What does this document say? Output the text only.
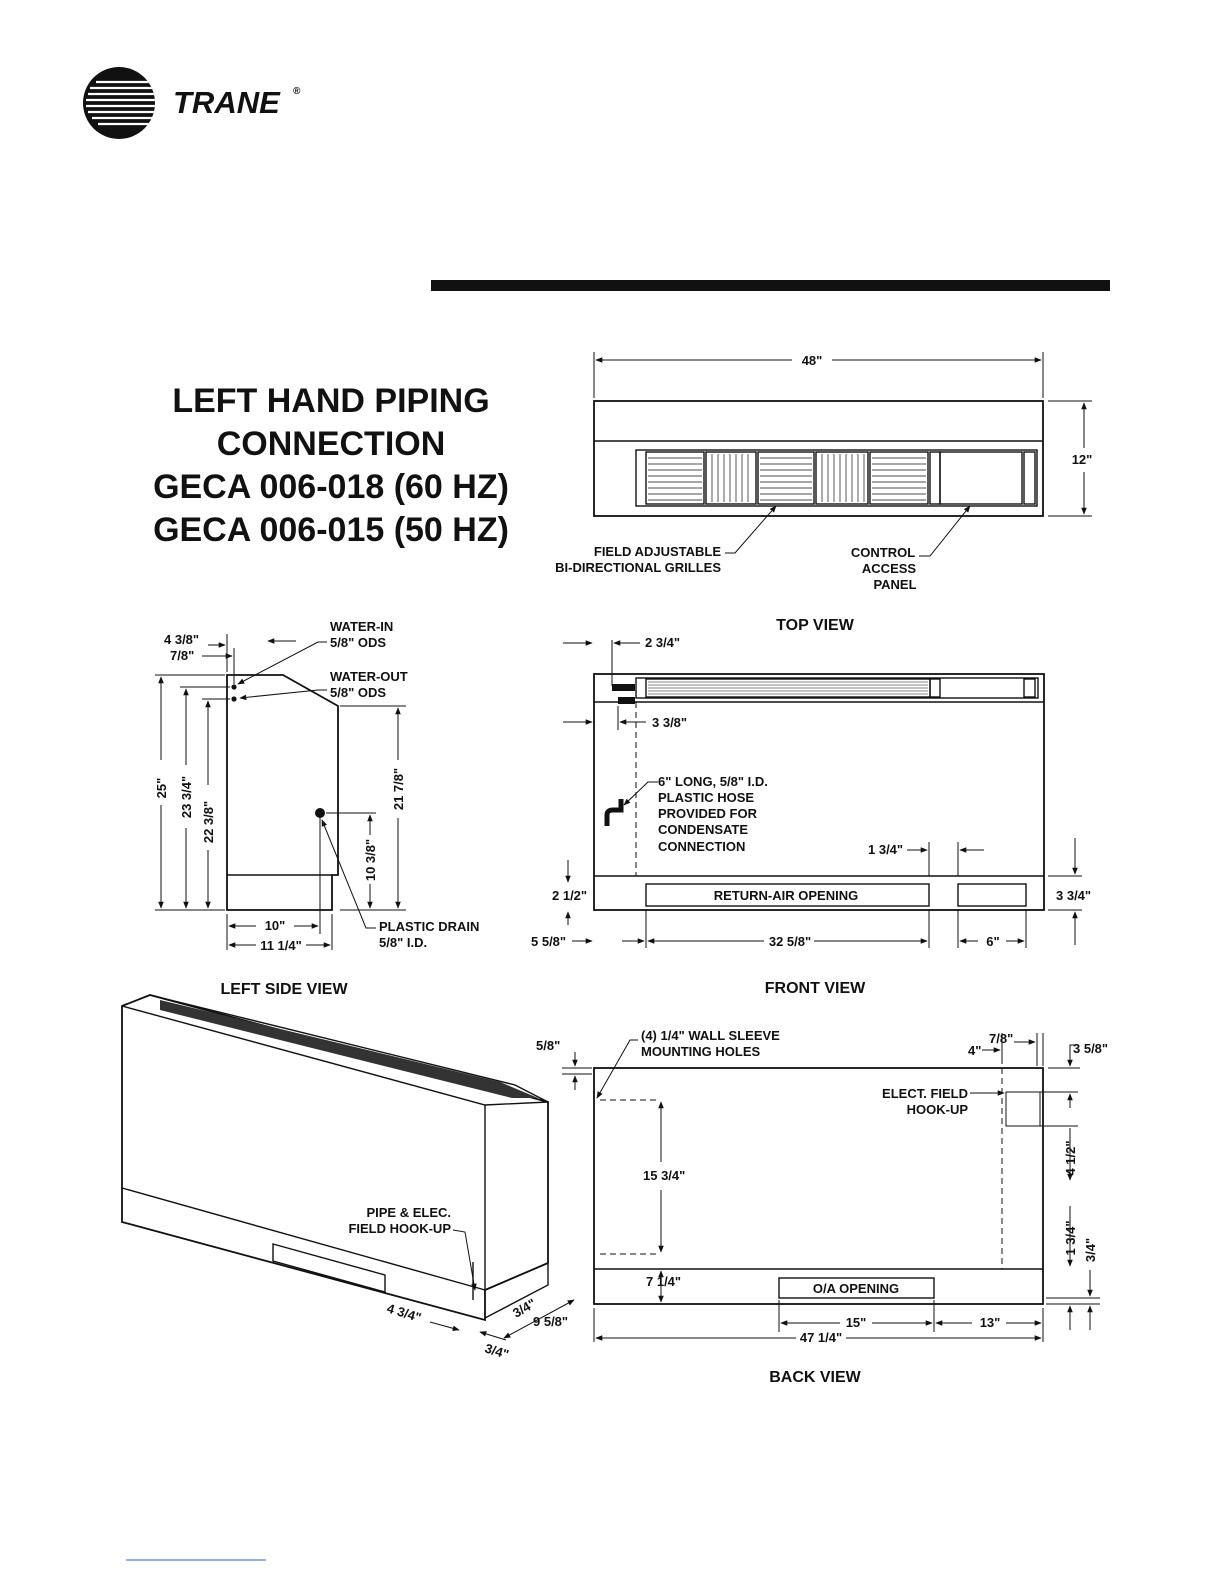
TRANE ®
LEFT HAND PIPING
CONNECTION
GECA 006-018 (60 HZ)
GECA 006-015 (50 HZ)
48"
12"
FIELD ADJUSTABLE
BI-DIRECTIONAL GRILLES
CONTROL
ACCESS
PANEL
TOP VIEW
4 3/8"
7/8"
WATER-IN
5/8" ODS
WATER-OUT
5/8" ODS
25" 23 3/4"
22 3/8"
21 7/8"
10 3/8"
10"
11 1/4"
PLASTIC DRAIN
5/8" I.D.
LEFT SIDE VIEW
2 3/4"
3 3/8"
6" LONG, 5/8" I.D.
PLASTIC HOSE
PROVIDED FOR
CONDENSATE
CONNECTION	1 3/4"
RETURN-AIR OPENING
2 1/2"	3 3/4"
5 5/8"	32 5/8"	6"
FRONT VIEW
PIPE & ELEC.
FIELD HOOK-UP
4 3/4"	3/4"
9 5/8"
3/4"
5/8"
(4) 1/4" WALL SLEEVE
MOUNTING HOLES
7/8"
4"	3 5/8"
ELECT. FIELD
HOOK-UP
15 3/4"	4 1/2"
1 3/4" 3/4"
7 1/4"	O/A OPENING
15"	13"
47 1/4"
BACK VIEW
